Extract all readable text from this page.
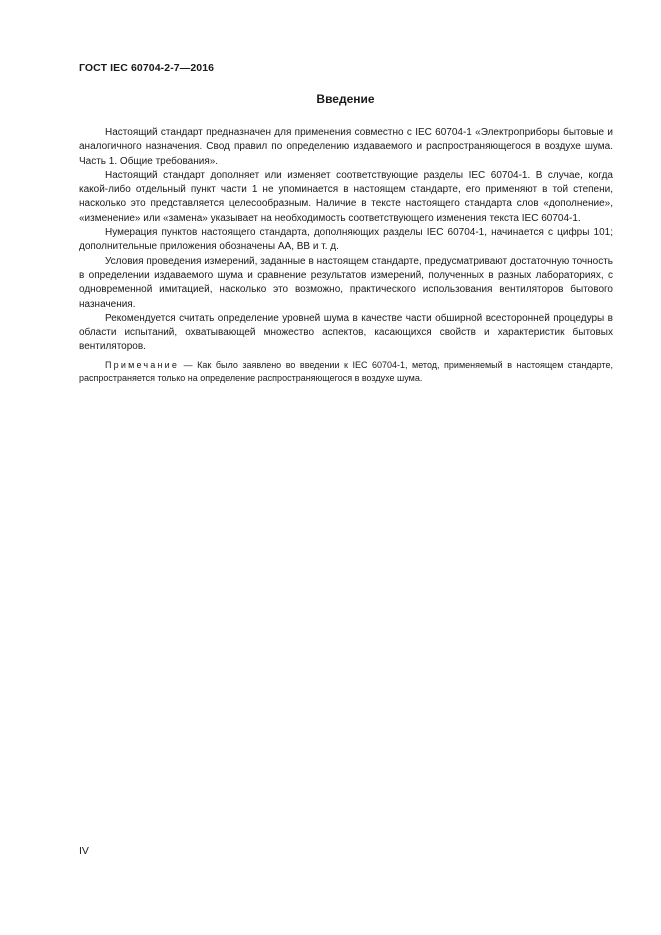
ГОСТ IEC 60704-2-7—2016
Введение

Настоящий стандарт предназначен для применения совместно с IEC 60704-1 «Электроприборы бытовые и аналогичного назначения. Свод правил по определению издаваемого и распространяющегося в воздухе шума. Часть 1. Общие требования».

Настоящий стандарт дополняет или изменяет соответствующие разделы IEC 60704-1. В случае, когда какой-либо отдельный пункт части 1 не упоминается в настоящем стандарте, его применяют в той степени, насколько это представляется целесообразным. Наличие в тексте настоящего стандарта слов «дополнение», «изменение» или «замена» указывает на необходимость соответствующего изменения текста IEC 60704-1.

Нумерация пунктов настоящего стандарта, дополняющих разделы IEC 60704-1, начинается с цифры 101; дополнительные приложения обозначены АА, ВВ и т. д.

Условия проведения измерений, заданные в настоящем стандарте, предусматривают достаточную точность в определении издаваемого шума и сравнение результатов измерений, полученных в разных лабораториях, с одновременной имитацией, насколько это возможно, практического использования вентиляторов бытового назначения.

Рекомендуется считать определение уровней шума в качестве части обширной всесторонней процедуры в области испытаний, охватывающей множество аспектов, касающихся свойств и характеристик бытовых вентиляторов.

Примечание — Как было заявлено во введении к IEC 60704-1, метод, применяемый в настоящем стандарте, распространяется только на определение распространяющегося в воздухе шума.

IV
